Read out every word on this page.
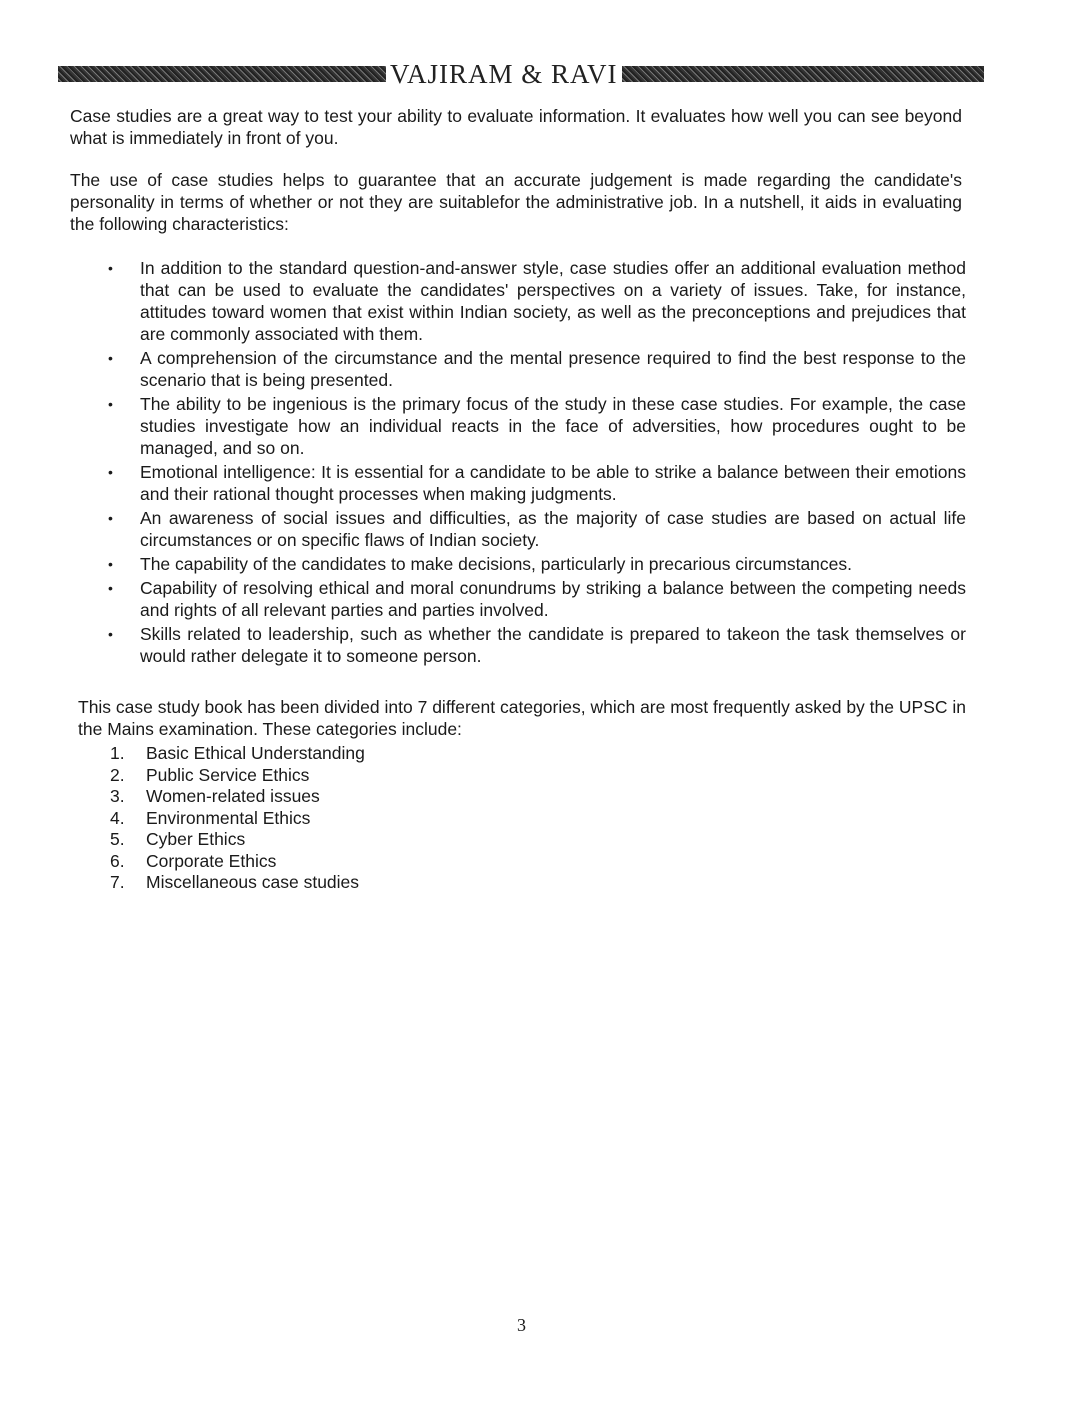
VAJIRAM & RAVI

Case studies are a great way to test your ability to evaluate information. It evaluates how well you can see beyond what is immediately in front of you.

The use of case studies helps to guarantee that an accurate judgement is made regarding the candidate's personality in terms of whether or not they are suitablefor the administrative job. In a nutshell, it aids in evaluating the following characteristics:

• In addition to the standard question-and-answer style, case studies offer an additional evaluation method that can be used to evaluate the candidates' perspectives on a variety of issues. Take, for instance, attitudes toward women that exist within Indian society, as well as the preconceptions and prejudices that are commonly associated with them.
• A comprehension of the circumstance and the mental presence required to find the best response to the scenario that is being presented.
• The ability to be ingenious is the primary focus of the study in these case studies. For example, the case studies investigate how an individual reacts in the face of adversities, how procedures ought to be managed, and so on.
• Emotional intelligence: It is essential for a candidate to be able to strike a balance between their emotions and their rational thought processes when making judgments.
• An awareness of social issues and difficulties, as the majority of case studies are based on actual life circumstances or on specific flaws of Indian society.
• The capability of the candidates to make decisions, particularly in precarious circumstances.
• Capability of resolving ethical and moral conundrums by striking a balance between the competing needs and rights of all relevant parties and parties involved.
• Skills related to leadership, such as whether the candidate is prepared to takeon the task themselves or would rather delegate it to someone person.

This case study book has been divided into 7 different categories, which are most frequently asked by the UPSC in the Mains examination. These categories include:

1.	Basic Ethical Understanding
2.	Public Service Ethics
3.	Women-related issues
4.	Environmental Ethics
5.	Cyber Ethics
6.	Corporate Ethics
7.	Miscellaneous case studies
3
